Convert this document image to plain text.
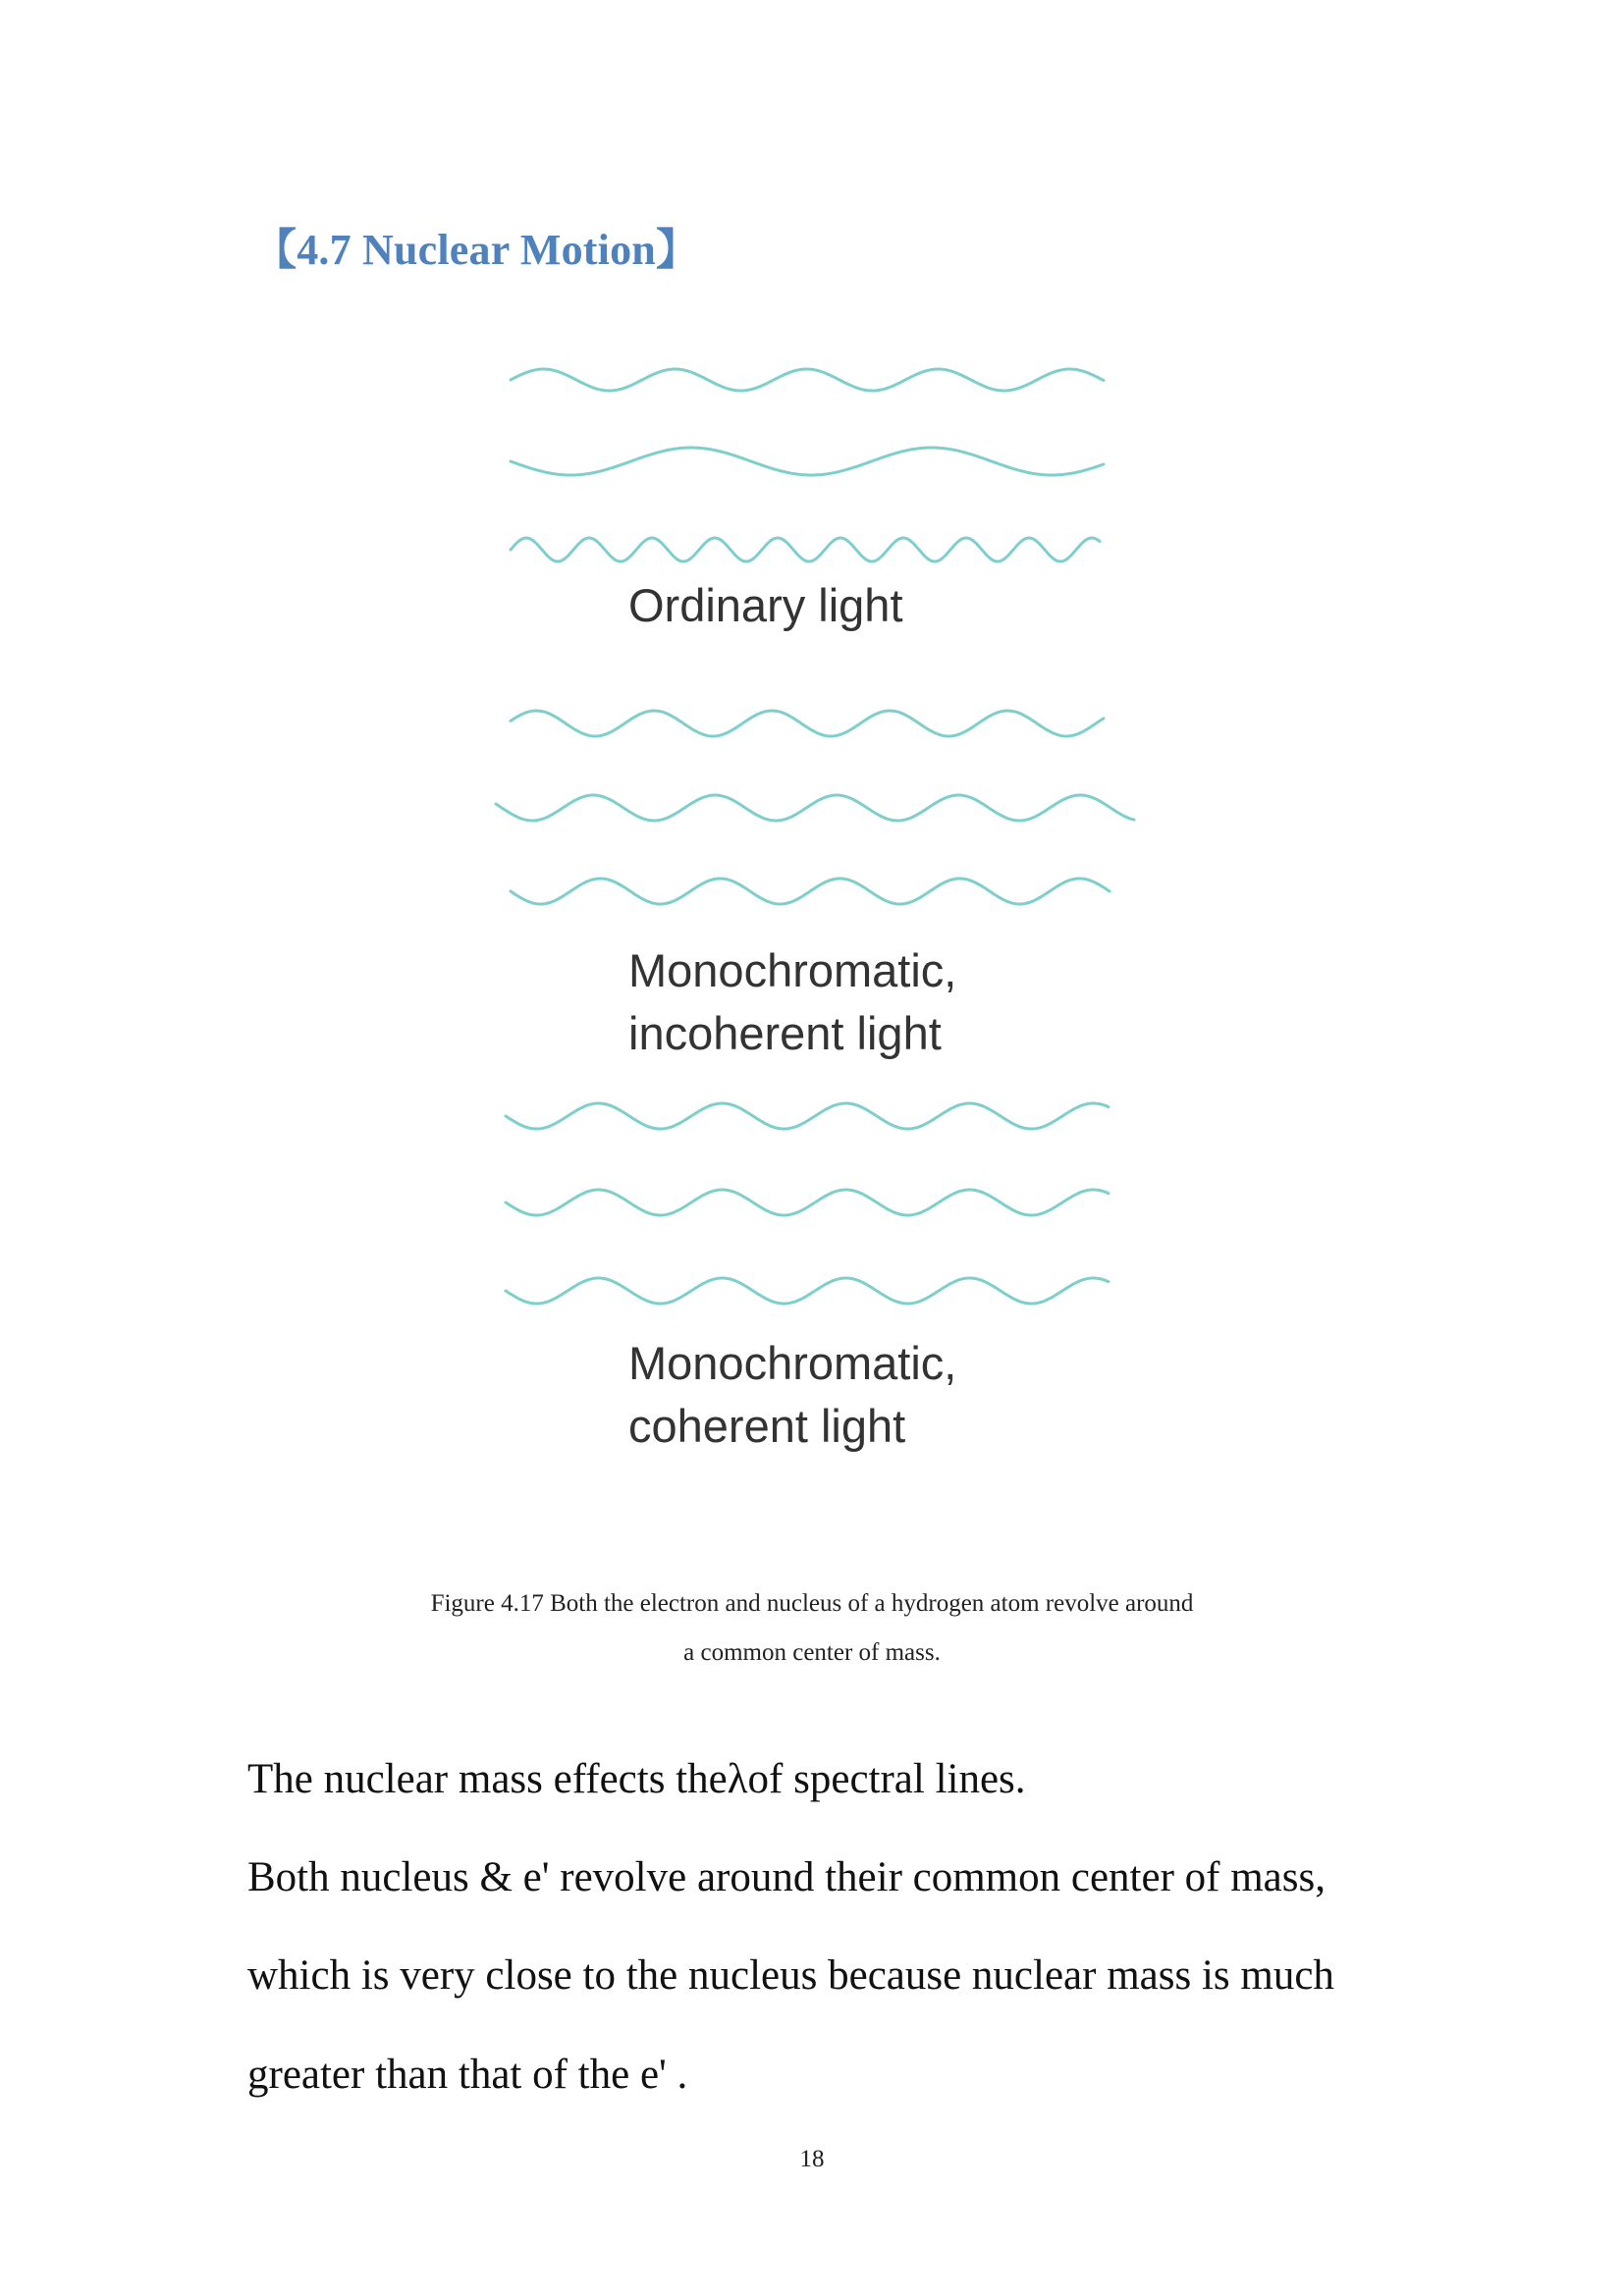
【4.7 Nuclear Motion】
Ordinary light
Monochromatic,
incoherent light
Monochromatic,
coherent light
Figure 4.17 Both the electron and nucleus of a hydrogen atom revolve around
a common center of mass.
The nuclear mass effects theλof spectral lines.
Both nucleus & e' revolve around their common center of mass,
which is very close to the nucleus because nuclear mass is much
greater than that of the e' .
18
